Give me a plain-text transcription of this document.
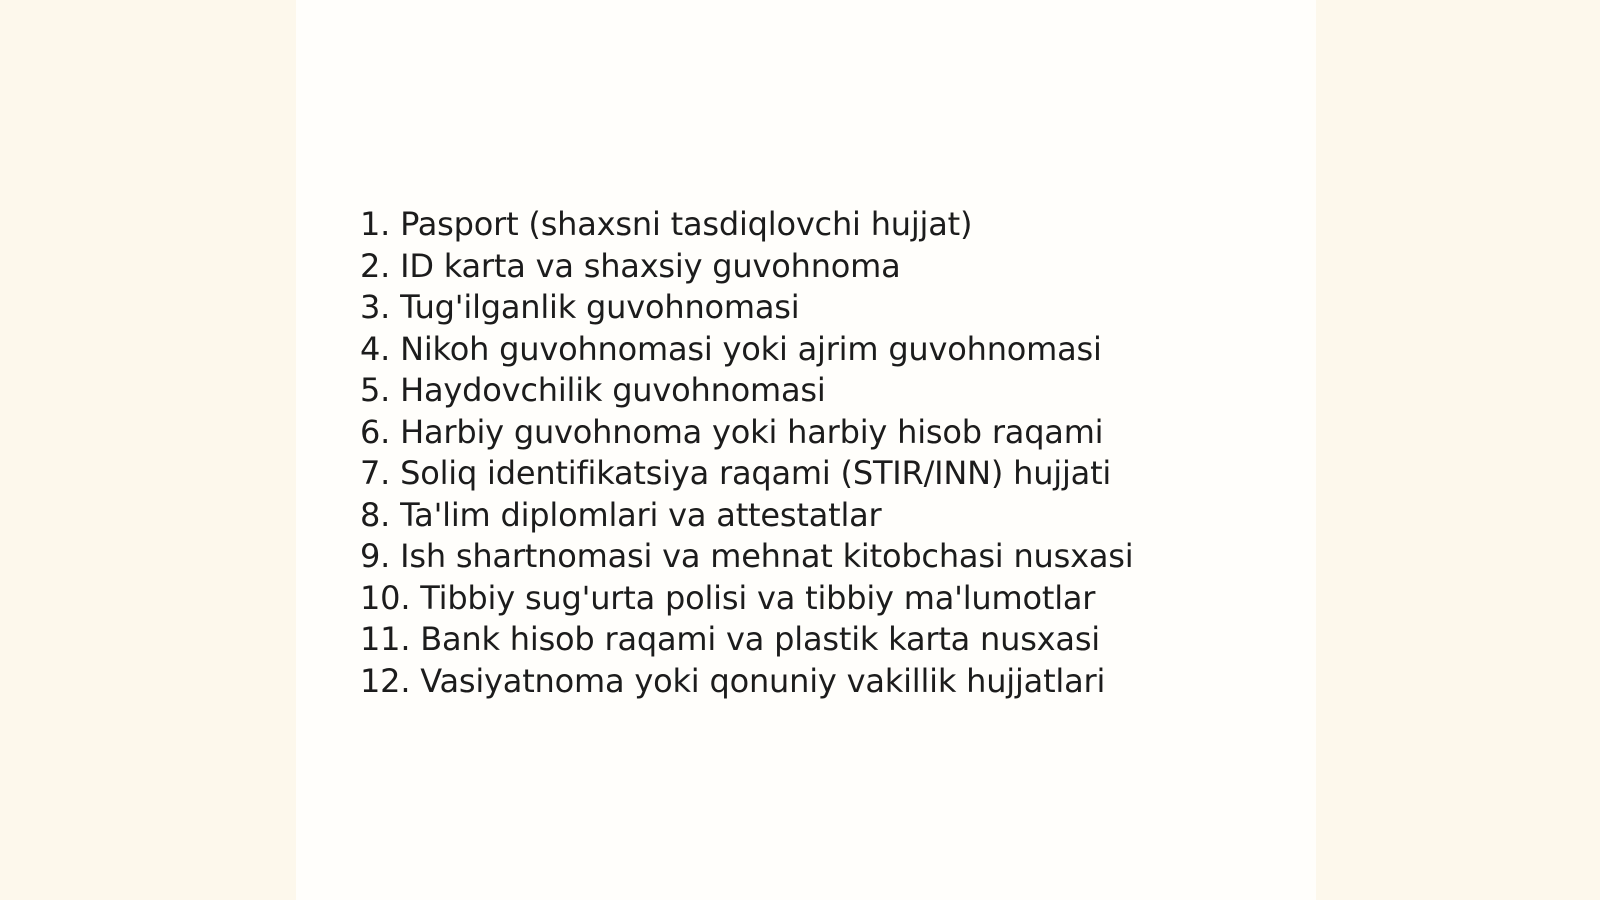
1. Pasport (shaxsni tasdiqlovchi hujjat)
2. ID karta va shaxsiy guvohnoma
3. Tug'ilganlik guvohnomasi
4. Nikoh guvohnomasi yoki ajrim guvohnomasi
5. Haydovchilik guvohnomasi
6. Harbiy guvohnoma yoki harbiy hisob raqami
7. Soliq identifikatsiya raqami (STIR/INN) hujjati
8. Ta'lim diplomlari va attestatlar
9. Ish shartnomasi va mehnat kitobchasi nusxasi
10. Tibbiy sug'urta polisi va tibbiy ma'lumotlar
11. Bank hisob raqami va plastik karta nusxasi
12. Vasiyatnoma yoki qonuniy vakillik hujjatlari
